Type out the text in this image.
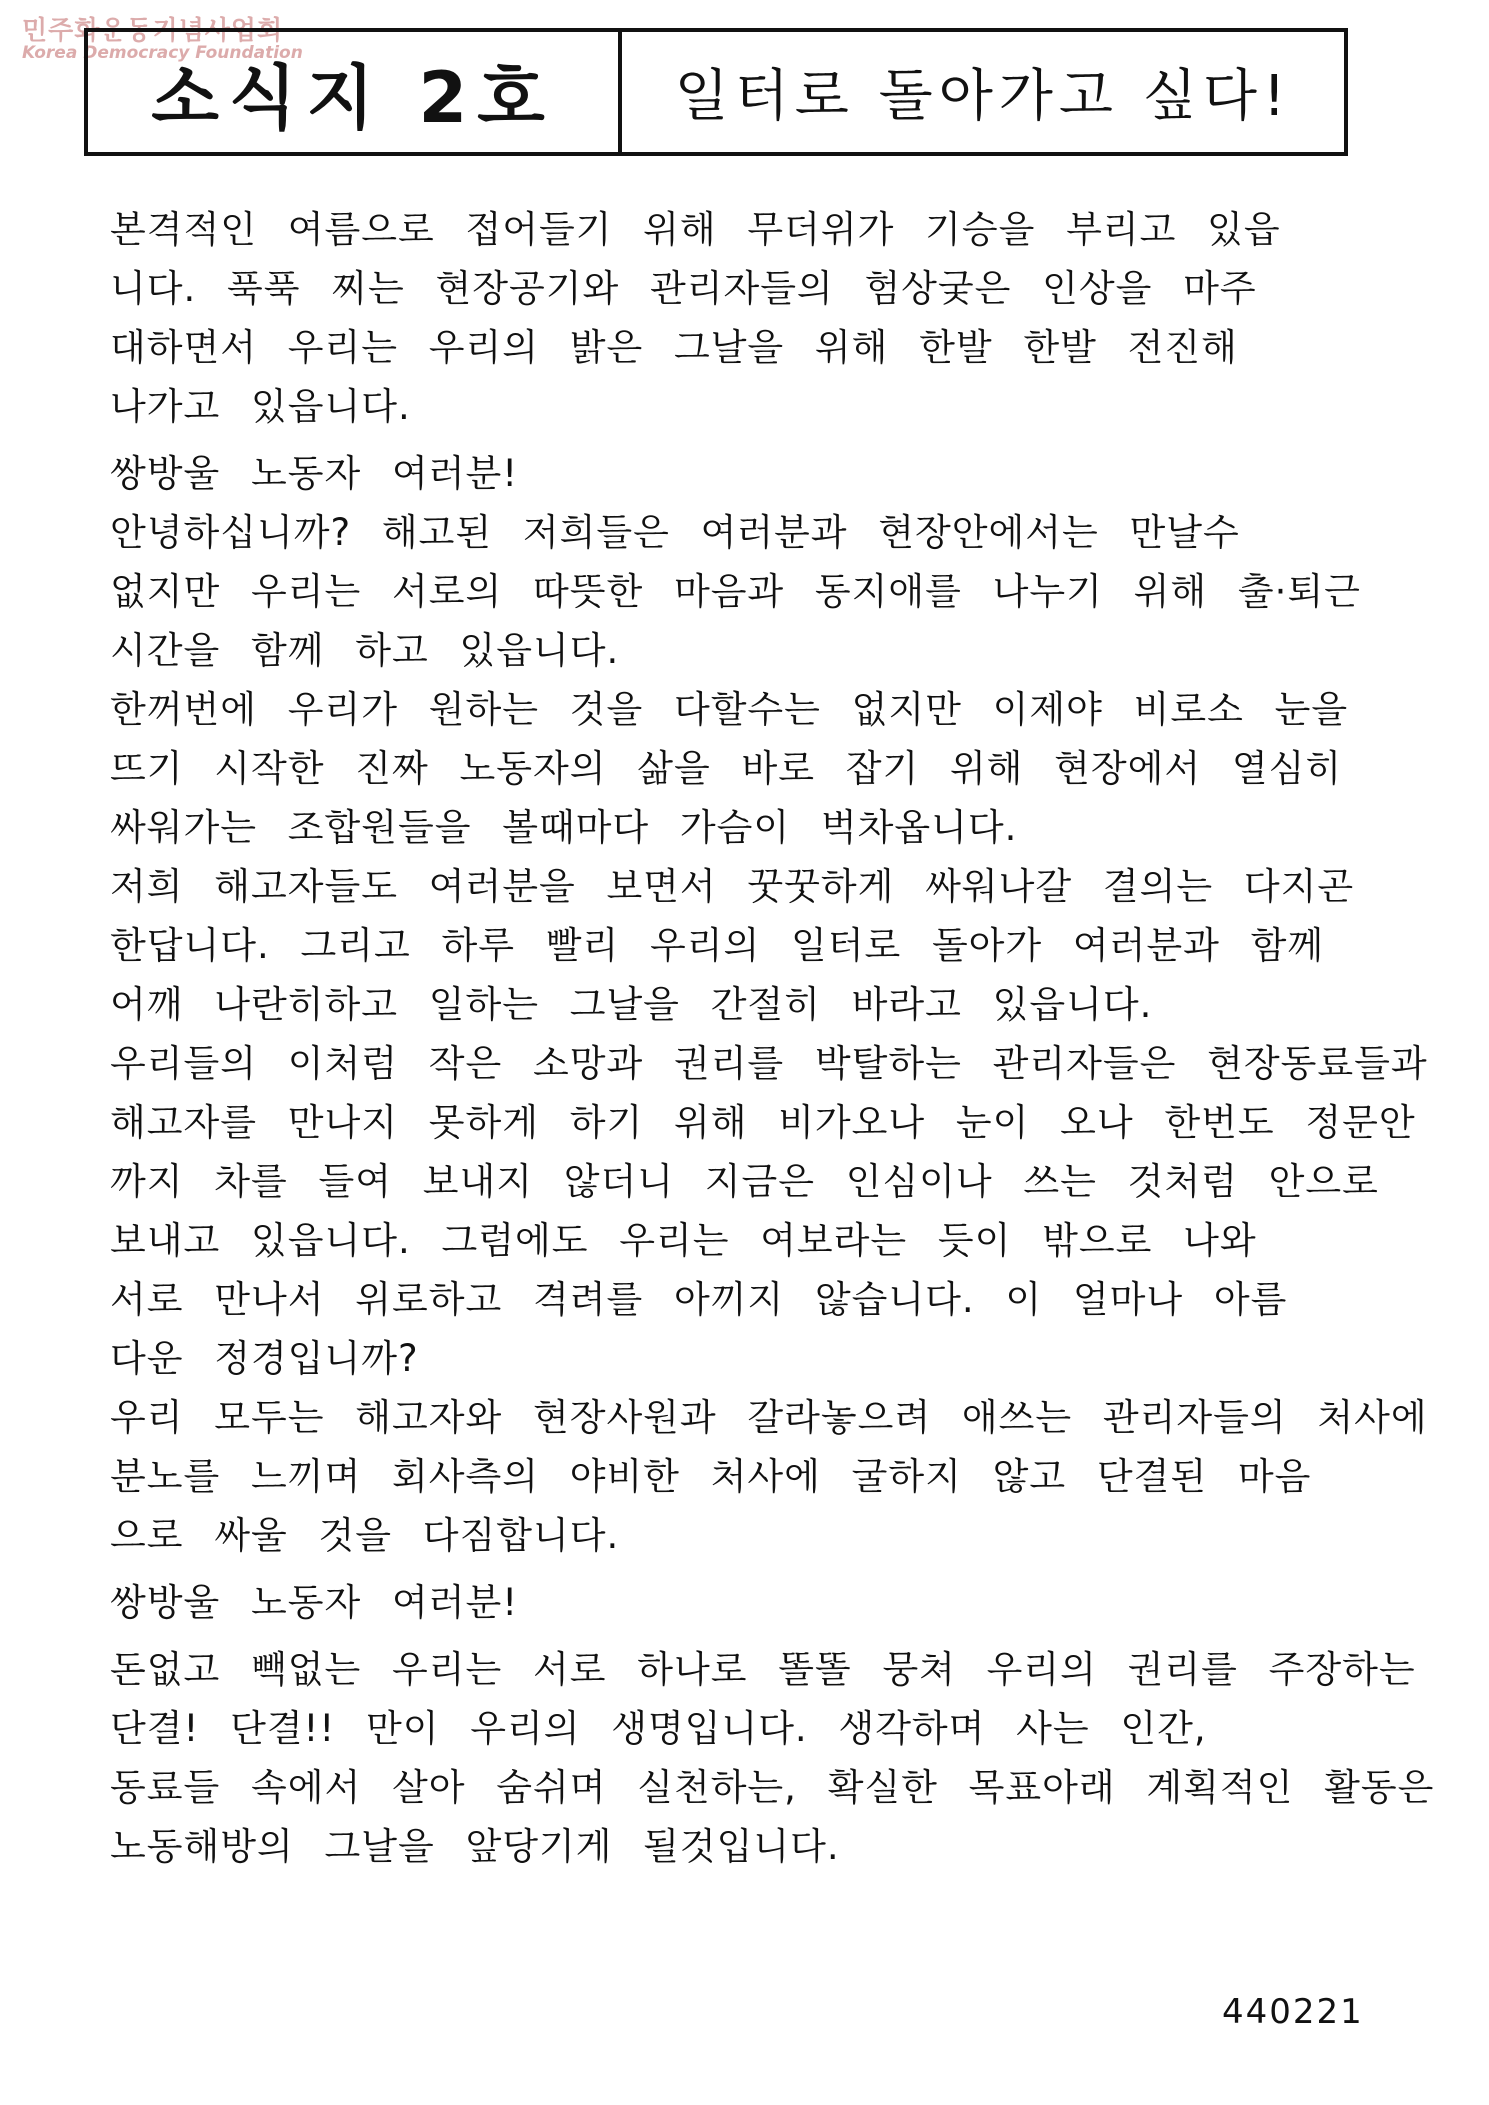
민주화운동기념사업회
Korea Democracy Foundation
소식지 2호	일터로 돌아가고 싶다!
본격적인 여름으로 접어들기 위해 무더위가 기승을 부리고 있읍
니다. 푹푹 찌는 현장공기와 관리자들의 험상궂은 인상을 마주
대하면서 우리는 우리의 밝은 그날을 위해 한발 한발 전진해
나가고 있읍니다.
쌍방울 노동자 여러분!
안녕하십니까? 해고된 저희들은 여러분과 현장안에서는 만날수
없지만 우리는 서로의 따뜻한 마음과 동지애를 나누기 위해 출·퇴근
시간을 함께 하고 있읍니다.
한꺼번에 우리가 원하는 것을 다할수는 없지만 이제야 비로소 눈을
뜨기 시작한 진짜 노동자의 삶을 바로 잡기 위해 현장에서 열심히
싸워가는 조합원들을 볼때마다 가슴이 벅차옵니다.
저희 해고자들도 여러분을 보면서 꿋꿋하게 싸워나갈 결의는 다지곤
한답니다. 그리고 하루 빨리 우리의 일터로 돌아가 여러분과 함께
어깨 나란히하고 일하는 그날을 간절히 바라고 있읍니다.
우리들의 이처럼 작은 소망과 권리를 박탈하는 관리자들은 현장동료들과
해고자를 만나지 못하게 하기 위해 비가오나 눈이 오나 한번도 정문안
까지 차를 들여 보내지 않더니 지금은 인심이나 쓰는 것처럼 안으로
보내고 있읍니다. 그럼에도 우리는 여보라는 듯이 밖으로 나와
서로 만나서 위로하고 격려를 아끼지 않습니다. 이 얼마나 아름
다운 정경입니까?
우리 모두는 해고자와 현장사원과 갈라놓으려 애쓰는 관리자들의 처사에
분노를 느끼며 회사측의 야비한 처사에 굴하지 않고 단결된 마음
으로 싸울 것을 다짐합니다.
쌍방울 노동자 여러분!
돈없고 빽없는 우리는 서로 하나로 똘똘 뭉쳐 우리의 권리를 주장하는
단결! 단결!! 만이 우리의 생명입니다. 생각하며 사는 인간,
동료들 속에서 살아 숨쉬며 실천하는, 확실한 목표아래 계획적인 활동은
노동해방의 그날을 앞당기게 될것입니다.
440221
